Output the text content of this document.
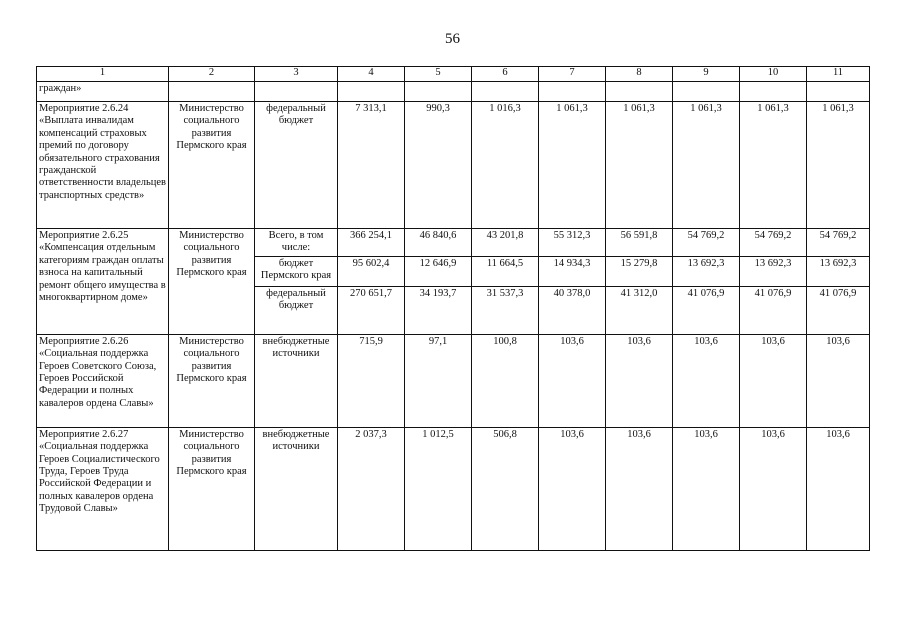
56
1	2	3	4	5	6	7	8	9	10	11
граждан»										
Мероприятие 2.6.24 «Выплата инвалидам компенсаций страховых премий по договору обязательного страхования гражданской ответственности владельцев транспортных средств»	Министерство социального развития Пермского края	федеральный бюджет	7 313,1	990,3	1 016,3	1 061,3	1 061,3	1 061,3	1 061,3	1 061,3
Мероприятие 2.6.25 «Компенсация отдельным категориям граждан оплаты взноса на капитальный ремонт общего имущества в многоквартирном доме»	Министерство социального развития Пермского края	Всего, в том числе:	366 254,1	46 840,6	43 201,8	55 312,3	56 591,8	54 769,2	54 769,2	54 769,2
		бюджет Пермского края	95 602,4	12 646,9	11 664,5	14 934,3	15 279,8	13 692,3	13 692,3	13 692,3
		федеральный бюджет	270 651,7	34 193,7	31 537,3	40 378,0	41 312,0	41 076,9	41 076,9	41 076,9
Мероприятие 2.6.26 «Социальная поддержка Героев Советского Союза, Героев Российской Федерации и полных кавалеров ордена Славы»	Министерство социального развития Пермского края	внебюджетные источники	715,9	97,1	100,8	103,6	103,6	103,6	103,6	103,6
Мероприятие 2.6.27 «Социальная поддержка Героев Социалистического Труда, Героев Труда Российской Федерации и полных кавалеров ордена Трудовой Славы»	Министерство социального развития Пермского края	внебюджетные источники	2 037,3	1 012,5	506,8	103,6	103,6	103,6	103,6	103,6
